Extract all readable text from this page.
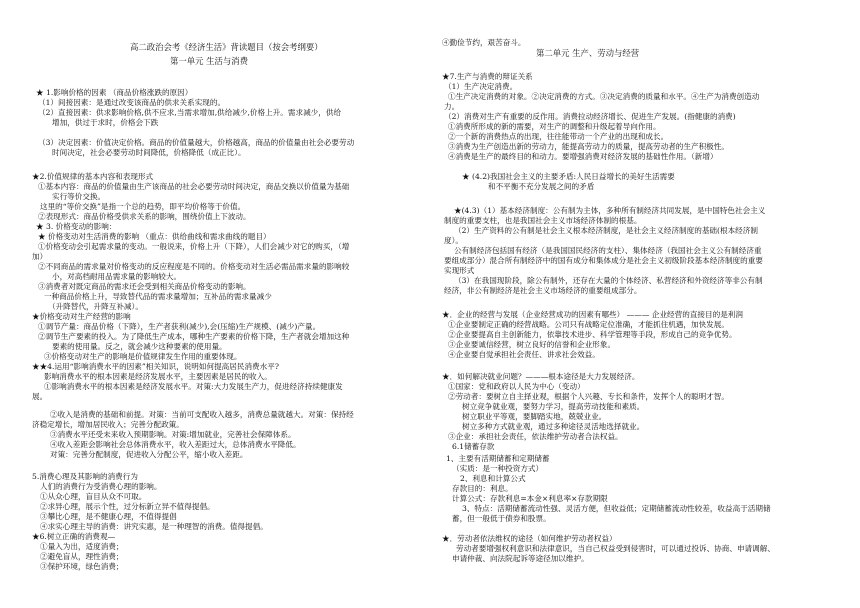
高二政治会考《经济生活》背读题目（按会考纲要）
第一单元 生活与消费
★ 1.影响价格的因素 （商品价格涨跌的原因）
（1）间接因素：是通过改变该商品的供求关系实现的。
（2）直接因素：供求影响价格,供不应求,当需求增加,供给减少,价格上升。需求减少，供给
增加，供过于求时，价格会下跌
（3）决定因素：价值决定价格。商品的价值量越大，价格越高，商品的价值量由社会必要劳动
时间决定，社会必要劳动时间降低，价格降低（成正比）。
★2.价值规律的基本内容和表现形式
①基本内容：商品的价值量由生产该商品的社会必要劳动时间决定，商品交换以价值量为基础
实行等价交换。
这里的“等价交换”是指一个总的趋势，即平均价格等于价值。
②表现形式：商品价格受供求关系的影响，围绕价值上下波动。
★ 3. 价格变动的影响：
★ 价格变动对生活消费的影响 （重点：供给曲线和需求曲线的题目）
①价格变动会引起需求量的变动。一般说来，价格上升（下降），人们会减少对它的购买，（增
加）
②不同商品的需求量对价格变动的反应程度是不同的。价格变动对生活必需品需求量的影响较
小，对高档耐用品需求量的影响较大。
③消费者对既定商品的需求还会受到相关商品价格变动的影响。
一种商品价格上升，导致替代品的需求量增加；互补品的需求量减少
（升降替代，升降互补减）。
★价格变动对生产经营的影响
①调节产量：商品价格（下降），生产者获利(减少),会(压缩)生产规模、(减少)产量。
②调节生产要素的投入。为了降低生产成本，哪种生产要素的价格下降，生产者就会增加这种
要素的使用量。反之，就会减少这种要素的使用量。
③价格变动对生产的影响是价值规律发生作用的重要体现。
★★4.运用“影响消费水平的因素”相关知识，说明如何提高居民消费水平?
影响消费水平的根本因素是经济发展水平，主要因素是居民的收入。
①影响消费水平的根本因素是经济发展水平。对策:大力发展生产力，促进经济持续健康发
展。
②收入是消费的基础和前提。对策：当前可支配收入越多，消费总量就越大。对策：保持经
济稳定增长，增加居民收入；完善分配政策。
③消费水平还受未来收入预期影响。对策:增加就业，完善社会保障体系。
④收入差距会影响社会总体消费水平，收入差距过大，总体消费水平降低。
对策：完善分配制度，促进收入分配公平，缩小收入差距。
5.消费心理及其影响的消费行为
人们的消费行为受消费心理的影响。
①从众心理，盲目从众不可取。
②求异心理，展示个性，过分标新立异不值得提倡。
③攀比心理，是不健康心理，不值得提倡
④求实心理主导的消费：讲究实惠，是一种理智的消费。值得提倡。
★6.树立正确的消费观—
①量入为出，适度消费；
②避免盲从，理性消费；
③保护环境，绿色消费；
④勤俭节约，艰苦奋斗。
第二单元 生产、劳动与经营
★7.生产与消费的辩证关系
（1）生产决定消费。
①生产决定消费的对象。②决定消费的方式。③决定消费的质量和水平。④生产为消费创造动
力。
（2）消费对生产有重要的反作用。消费拉动经济增长、促进生产发展。(指健康的消费)
①消费所形成的新的需要，对生产的调整和升级起着导向作用。
②一个新的消费热点的出现，往往能带动一个产业的出现和成长。
③消费为生产创造出新的劳动力，能提高劳动力的质量，提高劳动者的生产积极性。
④消费是生产的最终目的和动力。要增强消费对经济发展的基础性作用。（新增）
★ (4.2)我国社会主义的主要矛盾:人民日益增长的美好生活需要
和不平衡不充分发展之间的矛盾
★(4.3)（1）基本经济制度：公有制为主体，多种所有制经济共同发展，是中国特色社会主义
制度的重要支柱，也是我国社会主义市场经济体制的根基。
（2）生产资料的公有制是社会主义根本经济制度，是社会主义经济制度的基础(根本经济制
度）。
公有制经济包括国有经济（是我国国民经济的支柱）、集体经济（我国社会主义公有制经济重
要组成部分）混合所有制经济中的国有成分和集体成分是社会主义初级阶段基本经济制度的重要
实现形式
（3）在我国现阶段，除公有制外，还存在大量的个体经济、私营经济和外资经济等非公有制
经济，非公有制经济是社会主义市场经济的重要组成部分。
★．企业的经营与发展（企业经营成功的因素有哪些） ——— 企业经营的直接目的是利润
①企业要制定正确的经营战略。公司只有战略定位准确，才能抓住机遇，加快发展。
②企业要提高自主创新能力，依靠技术进步、科学管理等手段，形成自己的竞争优势。
③企业要诚信经营，树立良好的信誉和企业形象。
④企业要自觉承担社会责任、讲求社会效益。
★．如何解决就业问题？———根本途径是大力发展经济。
①国家：党和政府以人民为中心（变动）
②劳动者：要树立自主择业观，根据个人兴趣、专长和条件，发挥个人的聪明才智。
树立竞争就业观，要努力学习，提高劳动技能和素质。
树立职业平等观，要脚踏实地，兢兢业业。
树立多种方式就业观，通过多种途径灵活地选择就业。
③企业：承担社会责任，依法维护劳动者合法权益。
6.1储蓄存款
1、主要有活期储蓄和定期储蓄
（实质：是一种投资方式）
2、利息和计算公式
存款目的：利息。
计算公式：存款利息=本金×利息率×存款期限
3、特点：活期储蓄流动性强、灵活方便，但收益低；定期储蓄流动性较差，收益高于活期储
蓄，但一般低于债券和股票。
★．劳动者依法维权的途径（如何维护劳动者权益）
劳动者要增强权利意识和法律意识，当自己权益受到侵害时，可以通过投诉、协商、申请调解、
申请仲裁、向法院起诉等途径加以维护。
